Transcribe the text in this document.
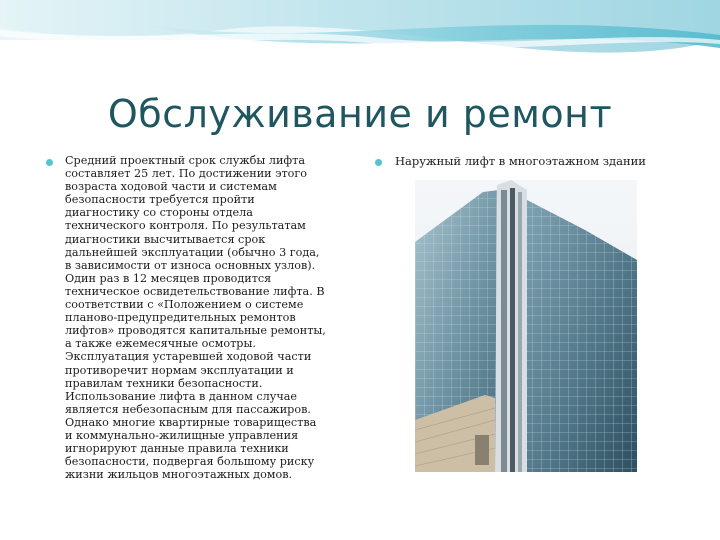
Обслуживание и ремонт
Средний проектный срок службы лифта
составляет 25 лет. По достижении этого
возраста ходовой части и системам
безопасности требуется пройти
диагностику со стороны отдела
технического контроля. По результатам
диагностики высчитывается срок
дальнейшей эксплуатации (обычно 3 года,
в зависимости от износа основных узлов).
Один раз в 12 месяцев проводится
техническое освидетельствование лифта. В
соответствии с «Положением о системе
планово-предупредительных ремонтов
лифтов» проводятся капитальные ремонты,
а также ежемесячные осмотры.
Эксплуатация устаревшей ходовой части
противоречит нормам эксплуатации и
правилам техники безопасности.
Использование лифта в данном случае
является небезопасным для пассажиров.
Однако многие квартирные товарищества
и коммунально-жилищные управления
игнорируют данные правила техники
безопасности, подвергая большому риску
жизни жильцов многоэтажных домов.
Наружный лифт в многоэтажном здании
